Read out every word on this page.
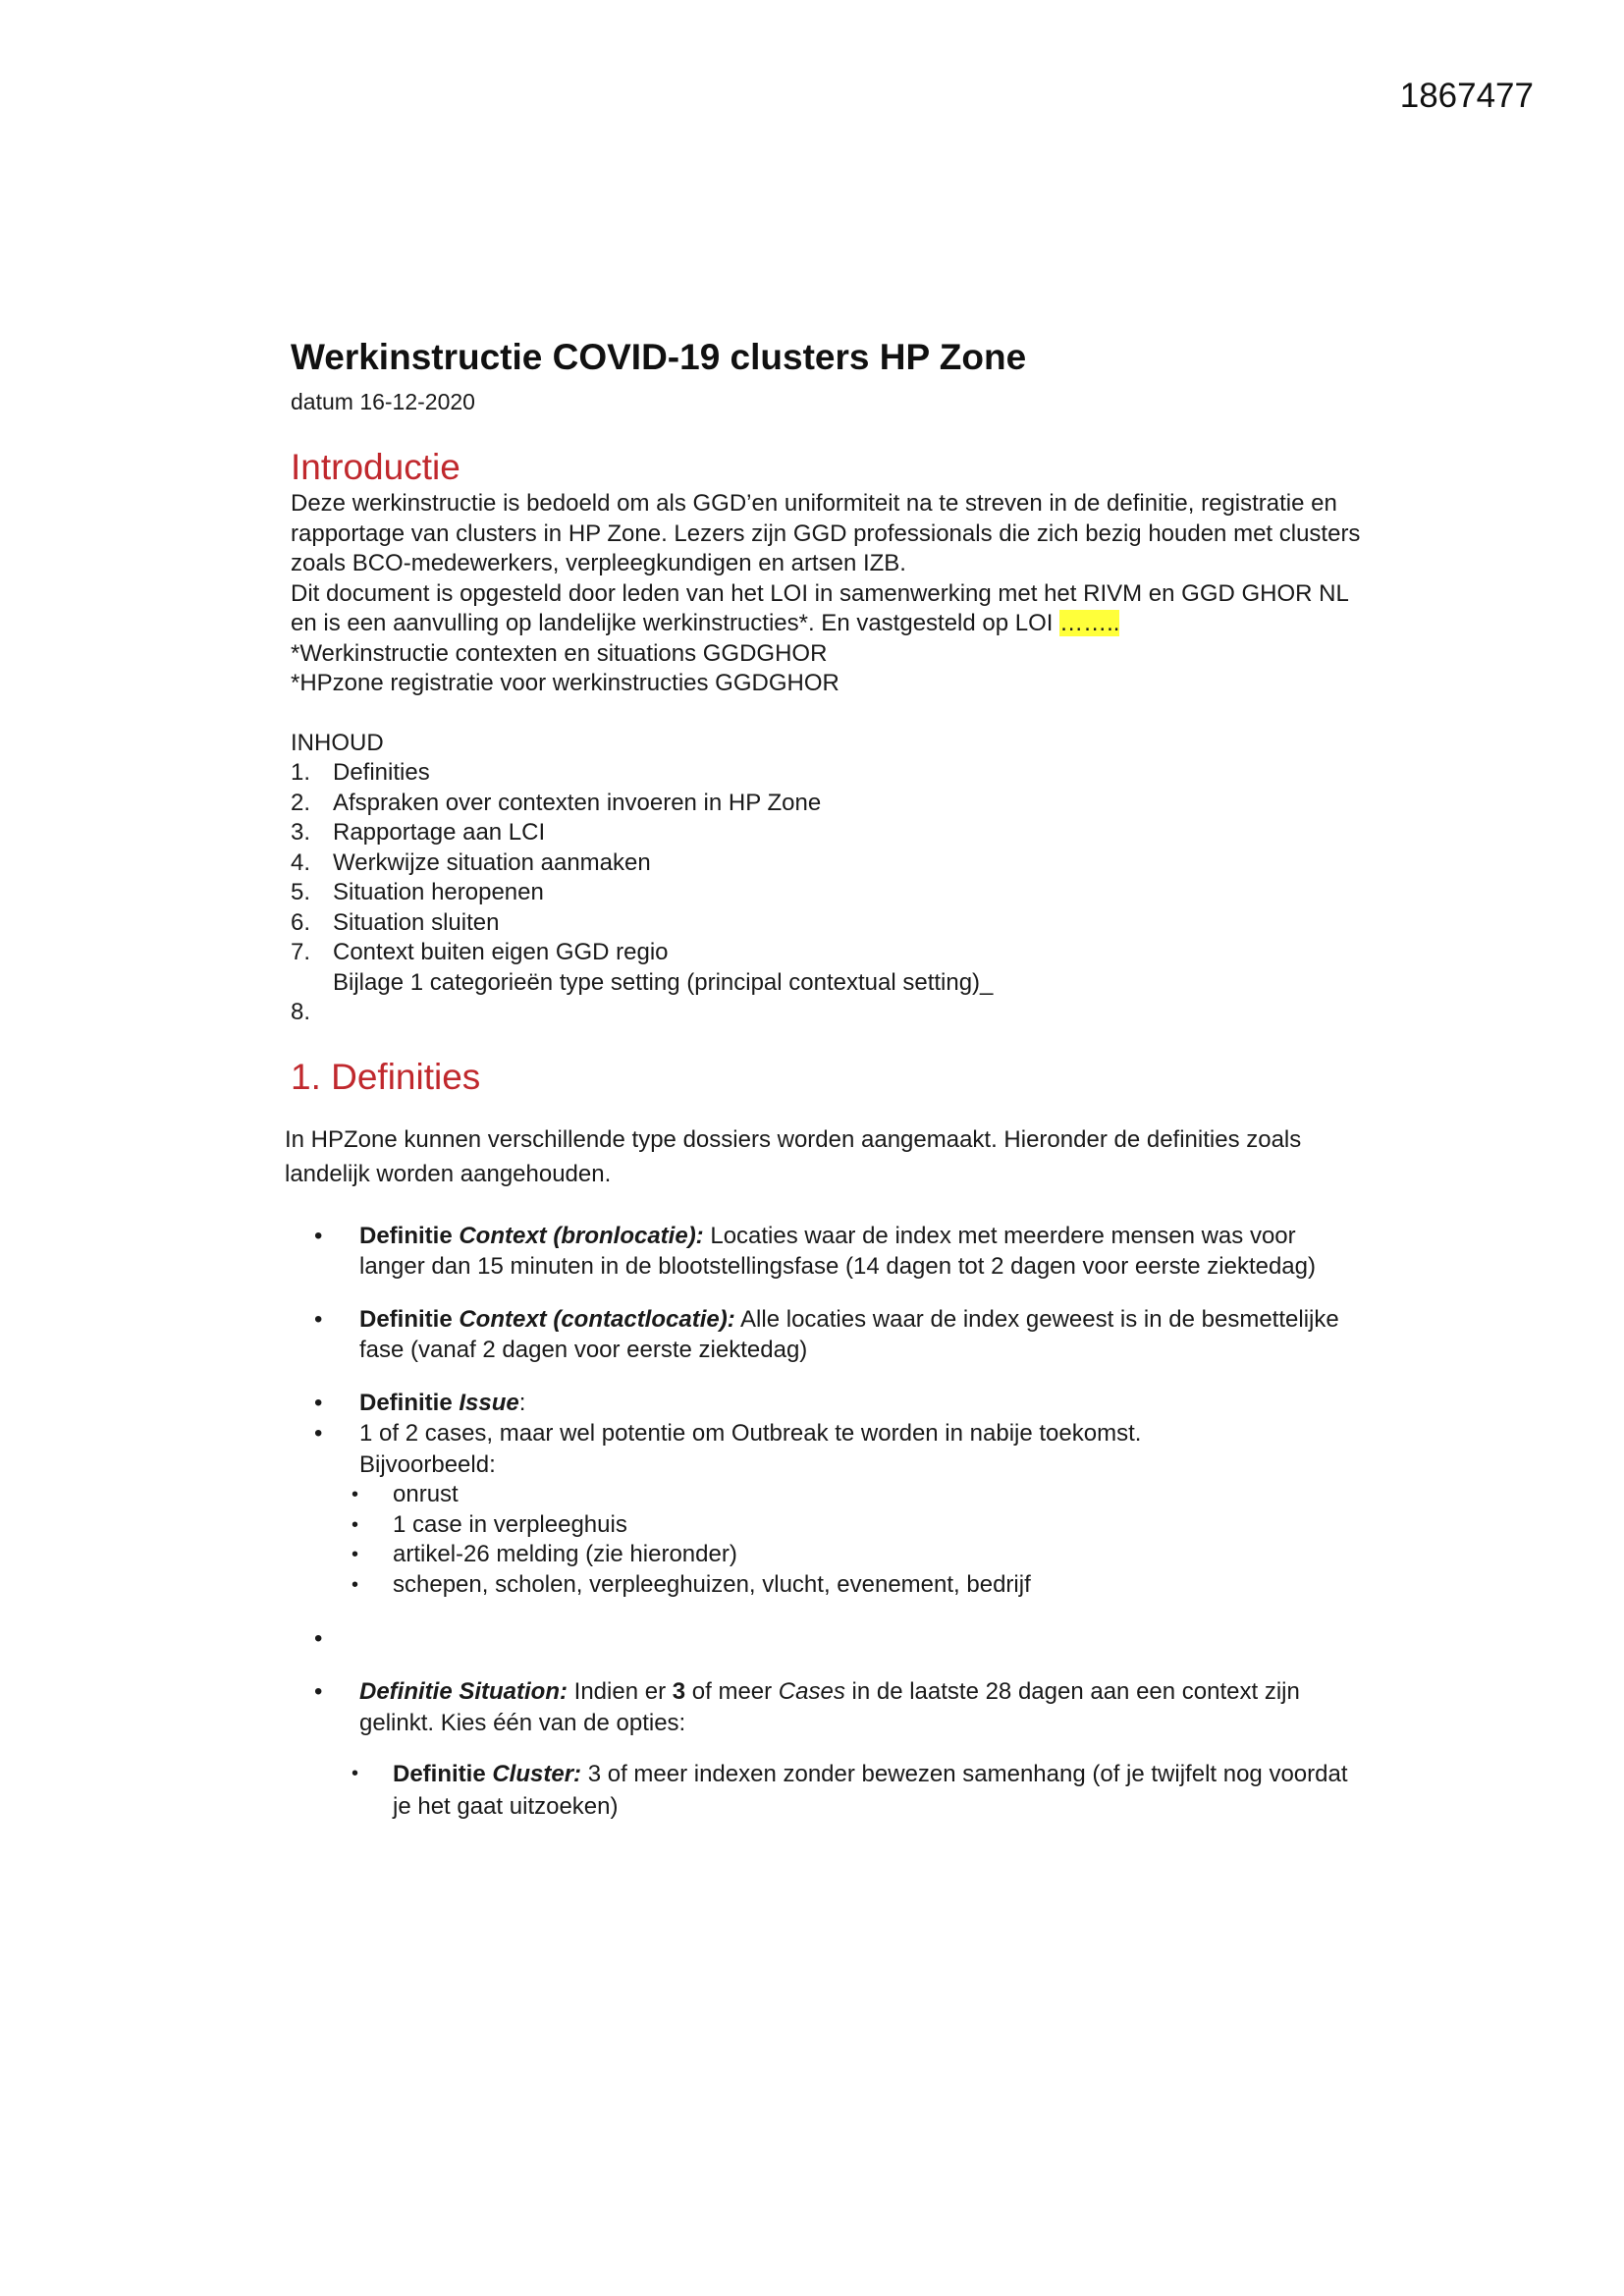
1867477
Werkinstructie COVID-19 clusters HP Zone
datum 16-12-2020
Introductie

Deze werkinstructie is bedoeld om als GGD’en uniformiteit na te streven in de definitie, registratie en rapportage van clusters in HP Zone. Lezers zijn GGD professionals die zich bezig houden met clusters zoals BCO-medewerkers, verpleegkundigen en artsen IZB.

Dit document is opgesteld door leden van het LOI in samenwerking met het RIVM en GGD GHOR NL en is een aanvulling op landelijke werkinstructies*. En vastgesteld op LOI ……..

*Werkinstructie contexten en situations GGDGHOR

*HPzone registratie voor werkinstructies GGDGHOR

INHOUD
1. Definities
2. Afspraken over contexten invoeren in HP Zone
3. Rapportage aan LCI
4. Werkwijze situation aanmaken
5. Situation heropenen
6. Situation sluiten
7. Context buiten eigen GGD regio
Bijlage 1 categorieën type setting (principal contextual setting)_
8.
1. Definities

In HPZone kunnen verschillende type dossiers worden aangemaakt. Hieronder de definities zoals landelijk worden aangehouden.

• Definitie Context (bronlocatie): Locaties waar de index met meerdere mensen was voor langer dan 15 minuten in de blootstellingsfase (14 dagen tot 2 dagen voor eerste ziektedag)
• Definitie Context (contactlocatie): Alle locaties waar de index geweest is in de besmettelijke fase (vanaf 2 dagen voor eerste ziektedag)
• Definitie Issue:
• 1 of 2 cases, maar wel potentie om Outbreak te worden in nabije toekomst.
Bijvoorbeeld:
• onrust
• 1 case in verpleeghuis
• artikel-26 melding (zie hieronder)
• schepen, scholen, verpleeghuizen, vlucht, evenement, bedrijf
•
• Definitie Situation: Indien er 3 of meer Cases in de laatste 28 dagen aan een context zijn gelinkt. Kies één van de opties:
• Definitie Cluster: 3 of meer indexen zonder bewezen samenhang (of je twijfelt nog voordat je het gaat uitzoeken)
